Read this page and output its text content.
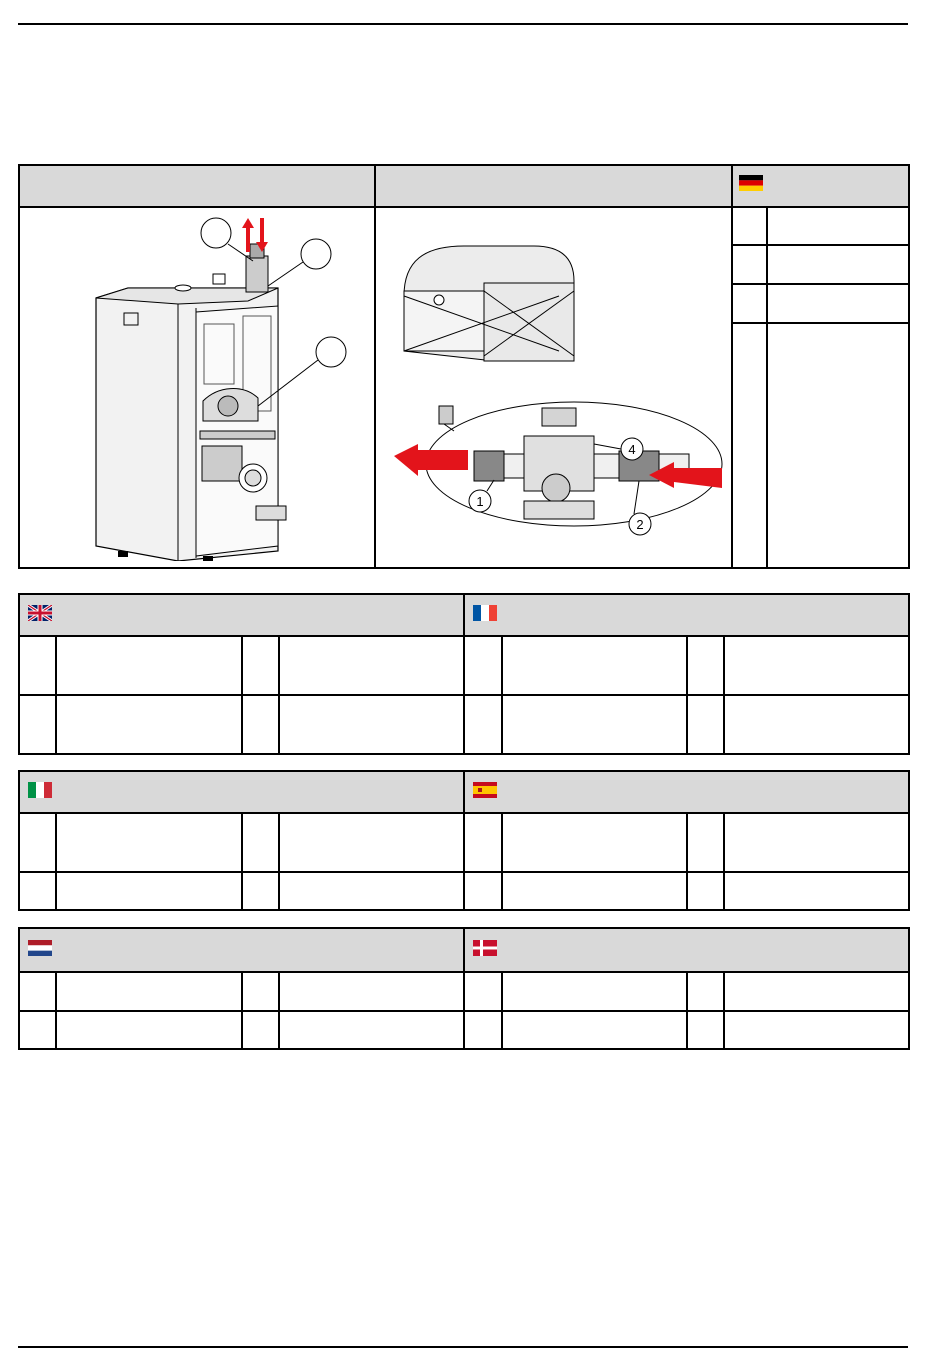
1
2
4
